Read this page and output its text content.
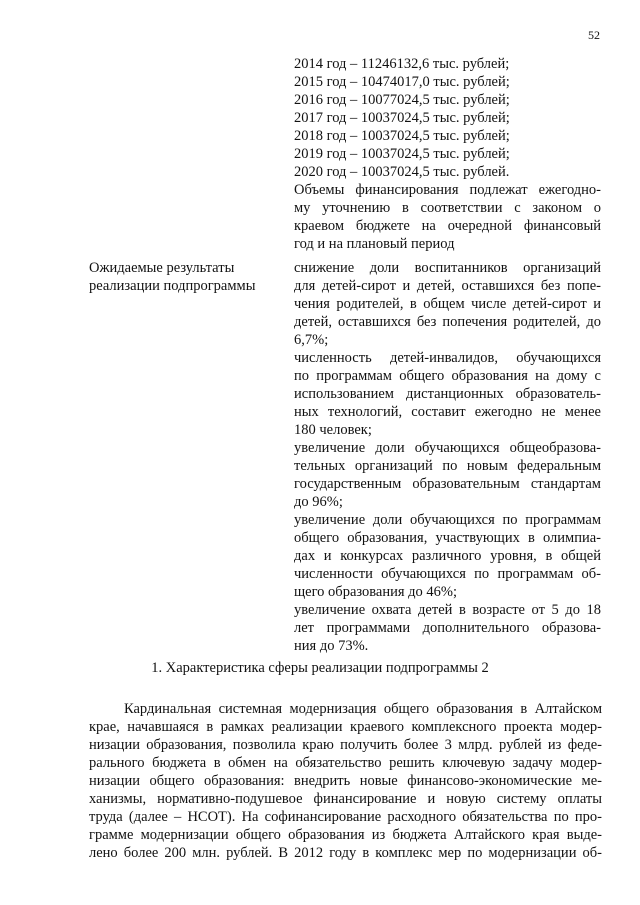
52
2014 год – 11246132,6 тыс. рублей;
2015 год – 10474017,0 тыс. рублей;
2016 год – 10077024,5 тыс. рублей;
2017 год – 10037024,5 тыс. рублей;
2018 год – 10037024,5 тыс. рублей;
2019 год – 10037024,5 тыс. рублей;
2020 год – 10037024,5 тыс. рублей.
Объемы финансирования подлежат ежегодно-
му уточнению в соответствии с законом о
краевом бюджете на очередной финансовый
год и на плановый период
Ожидаемые результаты
реализации подпрограммы
снижение доли воспитанников организаций
для детей-сирот и детей, оставшихся без попе-
чения родителей, в общем числе детей-сирот и
детей, оставшихся без попечения родителей, до
6,7%;
численность детей-инвалидов, обучающихся
по программам общего образования на дому с
использованием дистанционных образователь-
ных технологий, составит ежегодно не менее
180 человек;
увеличение доли обучающихся общеобразова-
тельных организаций по новым федеральным
государственным образовательным стандартам
до 96%;
увеличение доли обучающихся по программам
общего образования, участвующих в олимпиа-
дах и конкурсах различного уровня, в общей
численности обучающихся по программам об-
щего образования до 46%;
увеличение охвата детей в возрасте от 5 до 18
лет программами дополнительного образова-
ния до 73%.
1. Характеристика сферы реализации подпрограммы 2
Кардинальная системная модернизация общего образования в Алтайском
крае, начавшаяся в рамках реализации краевого комплексного проекта модер-
низации образования, позволила краю получить более 3 млрд. рублей из феде-
рального бюджета в обмен на обязательство решить ключевую задачу модер-
низации общего образования: внедрить новые финансово-экономические ме-
ханизмы, нормативно-подушевое финансирование и новую систему оплаты
труда (далее – НСОТ). На софинансирование расходного обязательства по про-
грамме модернизации общего образования из бюджета Алтайского края выде-
лено более 200 млн. рублей. В 2012 году в комплекс мер по модернизации об-
